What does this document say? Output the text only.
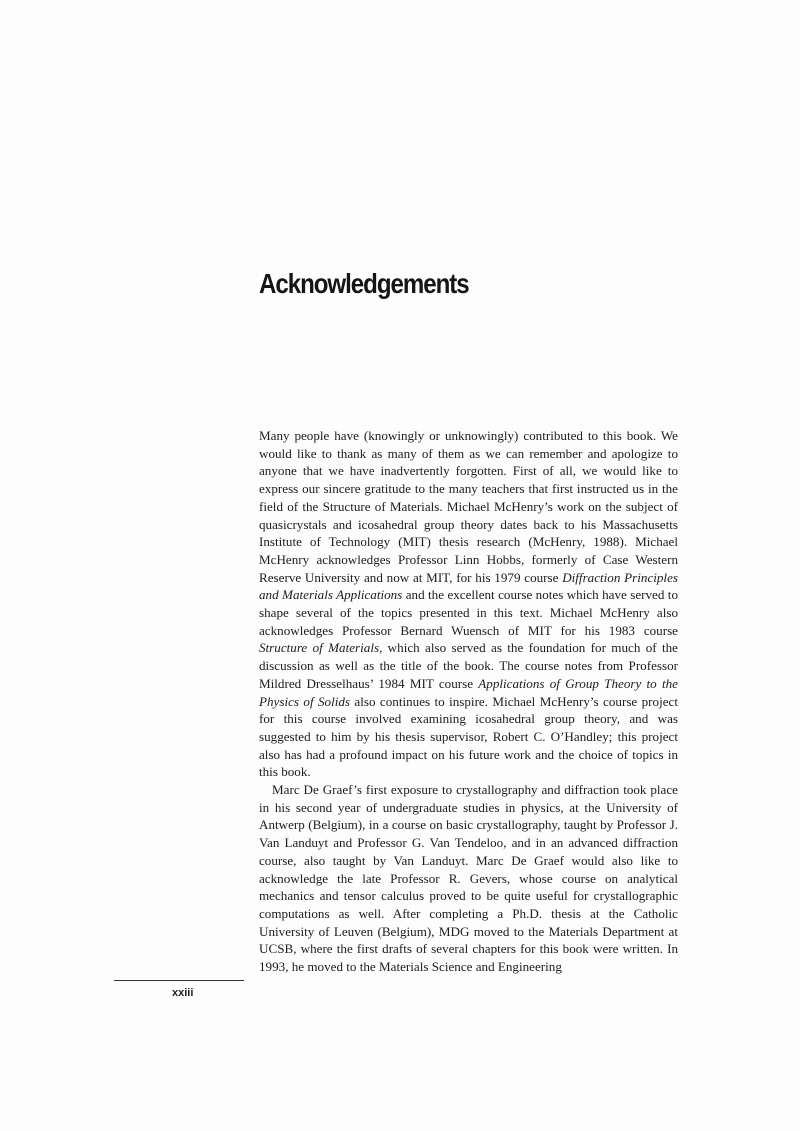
Acknowledgements

Many people have (knowingly or unknowingly) contributed to this book. We would like to thank as many of them as we can remember and apologize to anyone that we have inadvertently forgotten. First of all, we would like to express our sincere gratitude to the many teachers that first instructed us in the field of the Structure of Materials. Michael McHenry’s work on the subject of quasicrystals and icosahedral group theory dates back to his Massachusetts Institute of Technology (MIT) thesis research (McHenry, 1988). Michael McHenry acknowledges Professor Linn Hobbs, formerly of Case Western Reserve University and now at MIT, for his 1979 course Diffraction Principles and Materials Applications and the excellent course notes which have served to shape several of the topics presented in this text. Michael McHenry also acknowledges Professor Bernard Wuensch of MIT for his 1983 course Structure of Materials, which also served as the foundation for much of the discussion as well as the title of the book. The course notes from Professor Mildred Dresselhaus’ 1984 MIT course Applications of Group Theory to the Physics of Solids also continues to inspire. Michael McHenry’s course project for this course involved examining icosahedral group theory, and was suggested to him by his thesis supervisor, Robert C. O’Handley; this project also has had a profound impact on his future work and the choice of topics in this book.

Marc De Graef’s first exposure to crystallography and diffraction took place in his second year of undergraduate studies in physics, at the University of Antwerp (Belgium), in a course on basic crystallography, taught by Professor J. Van Landuyt and Professor G. Van Tendeloo, and in an advanced diffraction course, also taught by Van Landuyt. Marc De Graef would also like to acknowledge the late Professor R. Gevers, whose course on analytical mechanics and tensor calculus proved to be quite useful for crystallographic computations as well. After completing a Ph.D. thesis at the Catholic University of Leuven (Belgium), MDG moved to the Materials Department at UCSB, where the first drafts of several chapters for this book were written. In 1993, he moved to the Materials Science and Engineering

xxiii
